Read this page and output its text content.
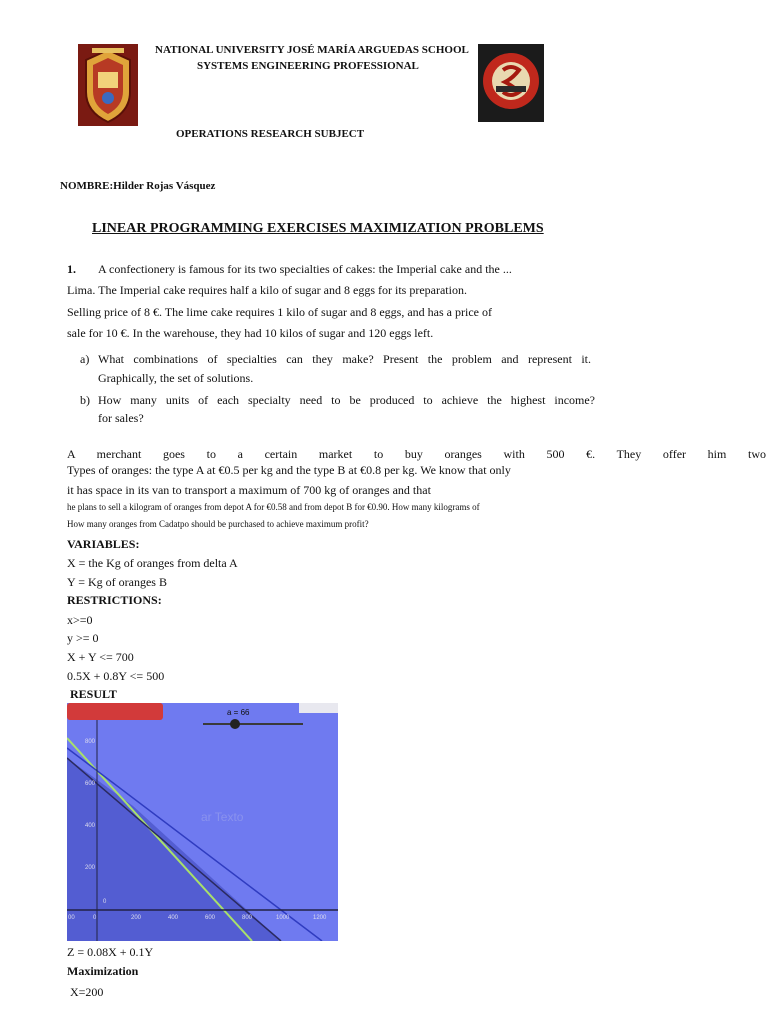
NATIONAL UNIVERSITY JOSÉ MARÍA ARGUEDAS SCHOOL
SYSTEMS ENGINEERING PROFESSIONAL
OPERATIONS RESEARCH SUBJECT
NOMBRE:Hilder Rojas Vásquez
LINEAR PROGRAMMING EXERCISES MAXIMIZATION PROBLEMS
1. A confectionery is famous for its two specialties of cakes: the Imperial cake and the ...
Lima. The Imperial cake requires half a kilo of sugar and 8 eggs for its preparation.
Selling price of 8 €. The lime cake requires 1 kilo of sugar and 8 eggs, and has a price of
sale for 10 €. In the warehouse, they had 10 kilos of sugar and 120 eggs left.
a) What combinations of specialties can they make? Present the problem and represent it.
Graphically, the set of solutions.
b) How many units of each specialty need to be produced to achieve the highest income?
for sales?
A merchant goes to a certain market to buy oranges with 500 €. They offer him two
Types of oranges: the type A at €0.5 per kg and the type B at €0.8 per kg. We know that only
it has space in its van to transport a maximum of 700 kg of oranges and that
he plans to sell a kilogram of oranges from depot A for €0.58 and from depot B for €0.90. How many kilograms of
How many oranges from Cadatpo should be purchased to achieve maximum profit?
VARIABLES:
X = the Kg of oranges from delta A
Y = Kg of oranges B
RESTRICTIONS:
x>=0
y >= 0
X + Y <= 700
0.5X + 0.8Y <= 500
RESULT
a = 66
ar Texto
800
600
400
200
0
00	0	200	400	600	800	1000	1200
Z = 0.08X + 0.1Y
Maximization
X=200
